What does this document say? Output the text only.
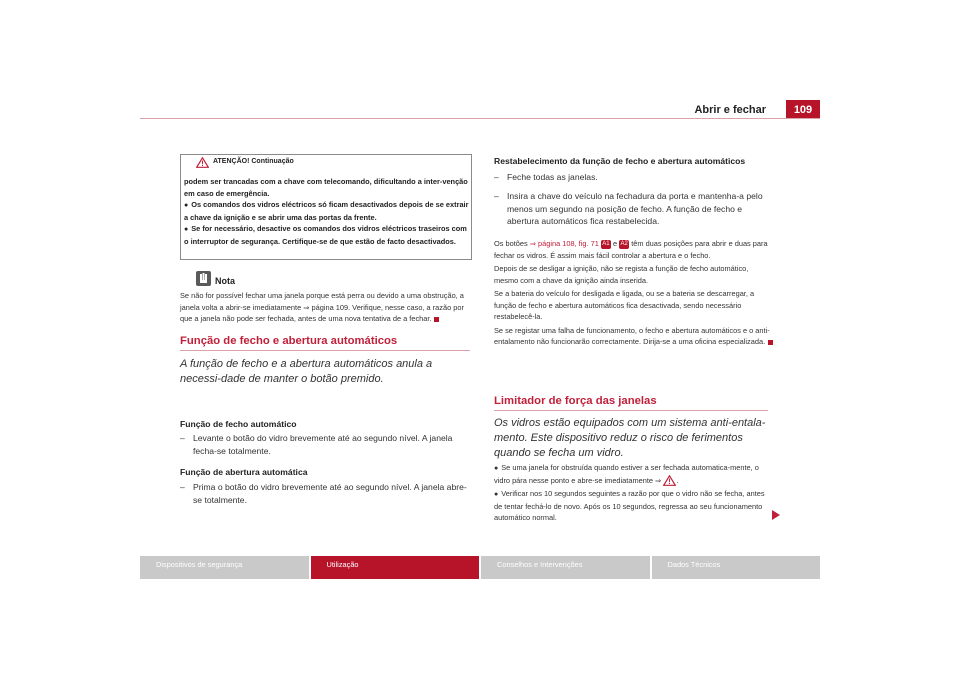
Abrir e fechar	109
ATENÇÃO! Continuação

podem ser trancadas com a chave com telecomando, dificultando a inter-venção em caso de emergência.

● Os comandos dos vidros eléctricos só ficam desactivados depois de se extrair a chave da ignição e se abrir uma das portas da frente.

● Se for necessário, desactive os comandos dos vidros eléctricos traseiros com o interruptor de segurança. Certifique-se de que estão de facto desactivados.

Nota

Se não for possível fechar uma janela porque está perra ou devido a uma obstrução, a janela volta a abrir-se imediatamente ⇒ página 109. Verifique, nesse caso, a razão por que a janela não pode ser fechada, antes de uma nova tentativa de a fechar.

Função de fecho e abertura automáticos
A função de fecho e a abertura automáticos anula a necessi-dade de manter o botão premido.
Função de fecho automático
– Levante o botão do vidro brevemente até ao segundo nível. A janela fecha-se totalmente.
Função de abertura automática
– Prima o botão do vidro brevemente até ao segundo nível. A janela abre-se totalmente.
Restabelecimento da função de fecho e abertura automáticos
– Feche todas as janelas.
– Insira a chave do veículo na fechadura da porta e mantenha-a pelo menos um segundo na posição de fecho. A função de fecho e abertura automáticos fica restabelecida.

Os botões ⇒ página 108, fig. 71 A1 e A2 têm duas posições para abrir e duas para fechar os vidros. É assim mais fácil controlar a abertura e o fecho.

Depois de se desligar a ignição, não se regista a função de fecho automático, mesmo com a chave da ignição ainda inserida.

Se a bateria do veículo for desligada e ligada, ou se a bateria se descarregar, a função de fecho e abertura automáticos fica desactivada, sendo necessário restabelecê-la.

Se se registar uma falha de funcionamento, o fecho e abertura automáticos e o anti-entalamento não funcionarão correctamente. Dirija-se a uma oficina especializada.

Limitador de força das janelas
Os vidros estão equipados com um sistema anti-entala-mento. Este dispositivo reduz o risco de ferimentos quando se fecha um vidro.

● Se uma janela for obstruída quando estiver a ser fechada automatica-mente, o vidro pára nesse ponto e abre-se imediatamente ⇒ .

● Verificar nos 10 segundos seguintes a razão por que o vidro não se fecha, antes de tentar fechá-lo de novo. Após os 10 segundos, regressa ao seu funcionamento automático normal.

Dispositivos de segurança	Utilização	Conselhos e Intervenções	Dados Técnicos
